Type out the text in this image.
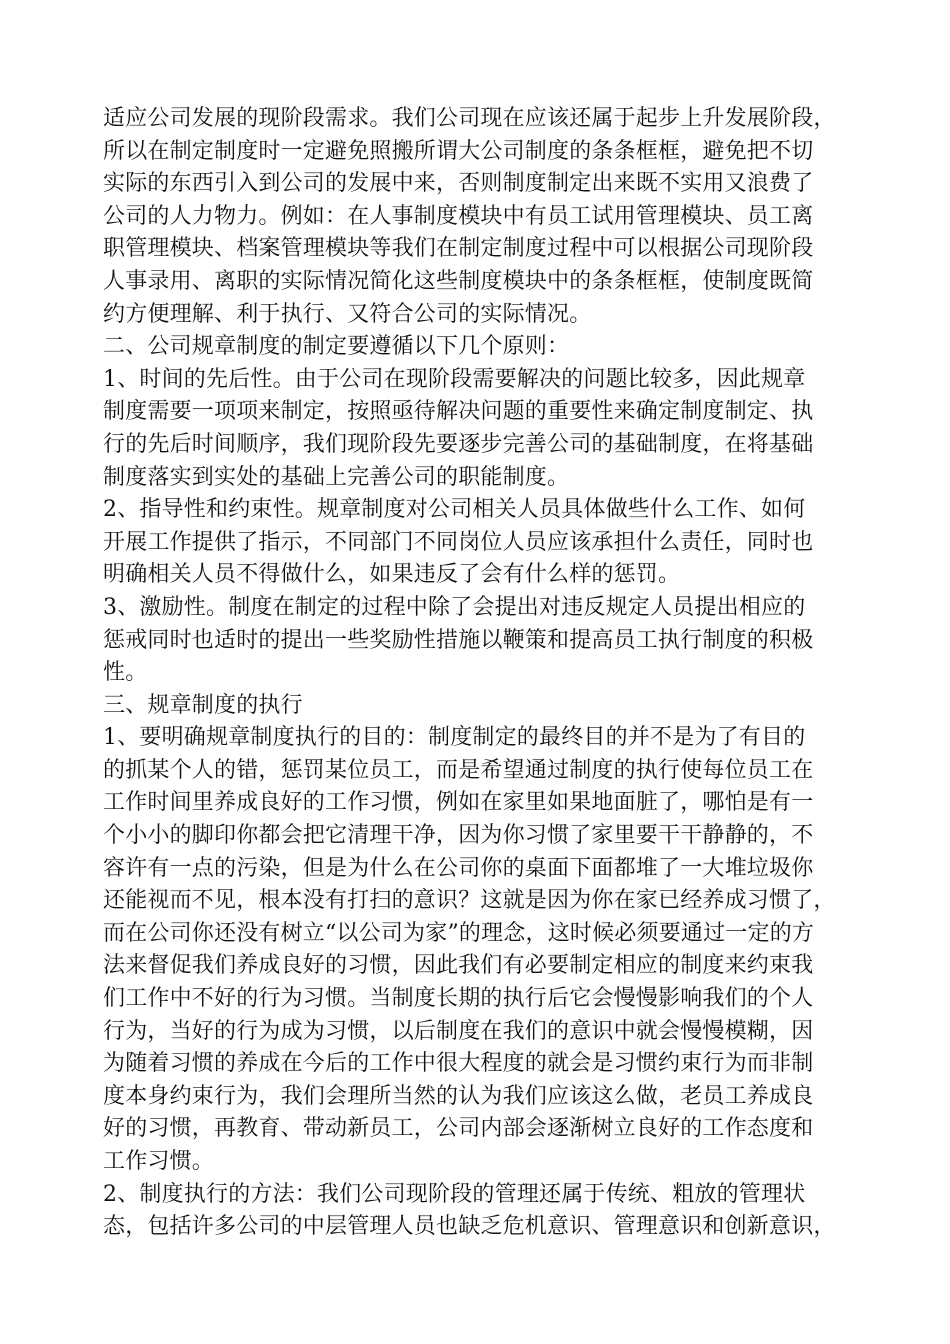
适应公司发展的现阶段需求。我们公司现在应该还属于起步上升发展阶段，
所以在制定制度时一定避免照搬所谓大公司制度的条条框框，避免把不切
实际的东西引入到公司的发展中来，否则制度制定出来既不实用又浪费了
公司的人力物力。例如：在人事制度模块中有员工试用管理模块、员工离
职管理模块、档案管理模块等我们在制定制度过程中可以根据公司现阶段
人事录用、离职的实际情况简化这些制度模块中的条条框框，使制度既简
约方便理解、利于执行、又符合公司的实际情况。
二、公司规章制度的制定要遵循以下几个原则：
1、时间的先后性。由于公司在现阶段需要解决的问题比较多，因此规章
制度需要一项项来制定，按照亟待解决问题的重要性来确定制度制定、执
行的先后时间顺序，我们现阶段先要逐步完善公司的基础制度，在将基础
制度落实到实处的基础上完善公司的职能制度。
2、指导性和约束性。规章制度对公司相关人员具体做些什么工作、如何
开展工作提供了指示，不同部门不同岗位人员应该承担什么责任，同时也
明确相关人员不得做什么，如果违反了会有什么样的惩罚。
3、激励性。制度在制定的过程中除了会提出对违反规定人员提出相应的
惩戒同时也适时的提出一些奖励性措施以鞭策和提高员工执行制度的积极
性。
三、规章制度的执行
1、要明确规章制度执行的目的：制度制定的最终目的并不是为了有目的
的抓某个人的错，惩罚某位员工，而是希望通过制度的执行使每位员工在
工作时间里养成良好的工作习惯，例如在家里如果地面脏了，哪怕是有一
个小小的脚印你都会把它清理干净，因为你习惯了家里要干干静静的，不
容许有一点的污染，但是为什么在公司你的桌面下面都堆了一大堆垃圾你
还能视而不见，根本没有打扫的意识？这就是因为你在家已经养成习惯了，
而在公司你还没有树立“以公司为家”的理念，这时候必须要通过一定的方
法来督促我们养成良好的习惯，因此我们有必要制定相应的制度来约束我
们工作中不好的行为习惯。当制度长期的执行后它会慢慢影响我们的个人
行为，当好的行为成为习惯，以后制度在我们的意识中就会慢慢模糊，因
为随着习惯的养成在今后的工作中很大程度的就会是习惯约束行为而非制
度本身约束行为，我们会理所当然的认为我们应该这么做，老员工养成良
好的习惯，再教育、带动新员工，公司内部会逐渐树立良好的工作态度和
工作习惯。
2、制度执行的方法：我们公司现阶段的管理还属于传统、粗放的管理状
态，包括许多公司的中层管理人员也缺乏危机意识、管理意识和创新意识，
